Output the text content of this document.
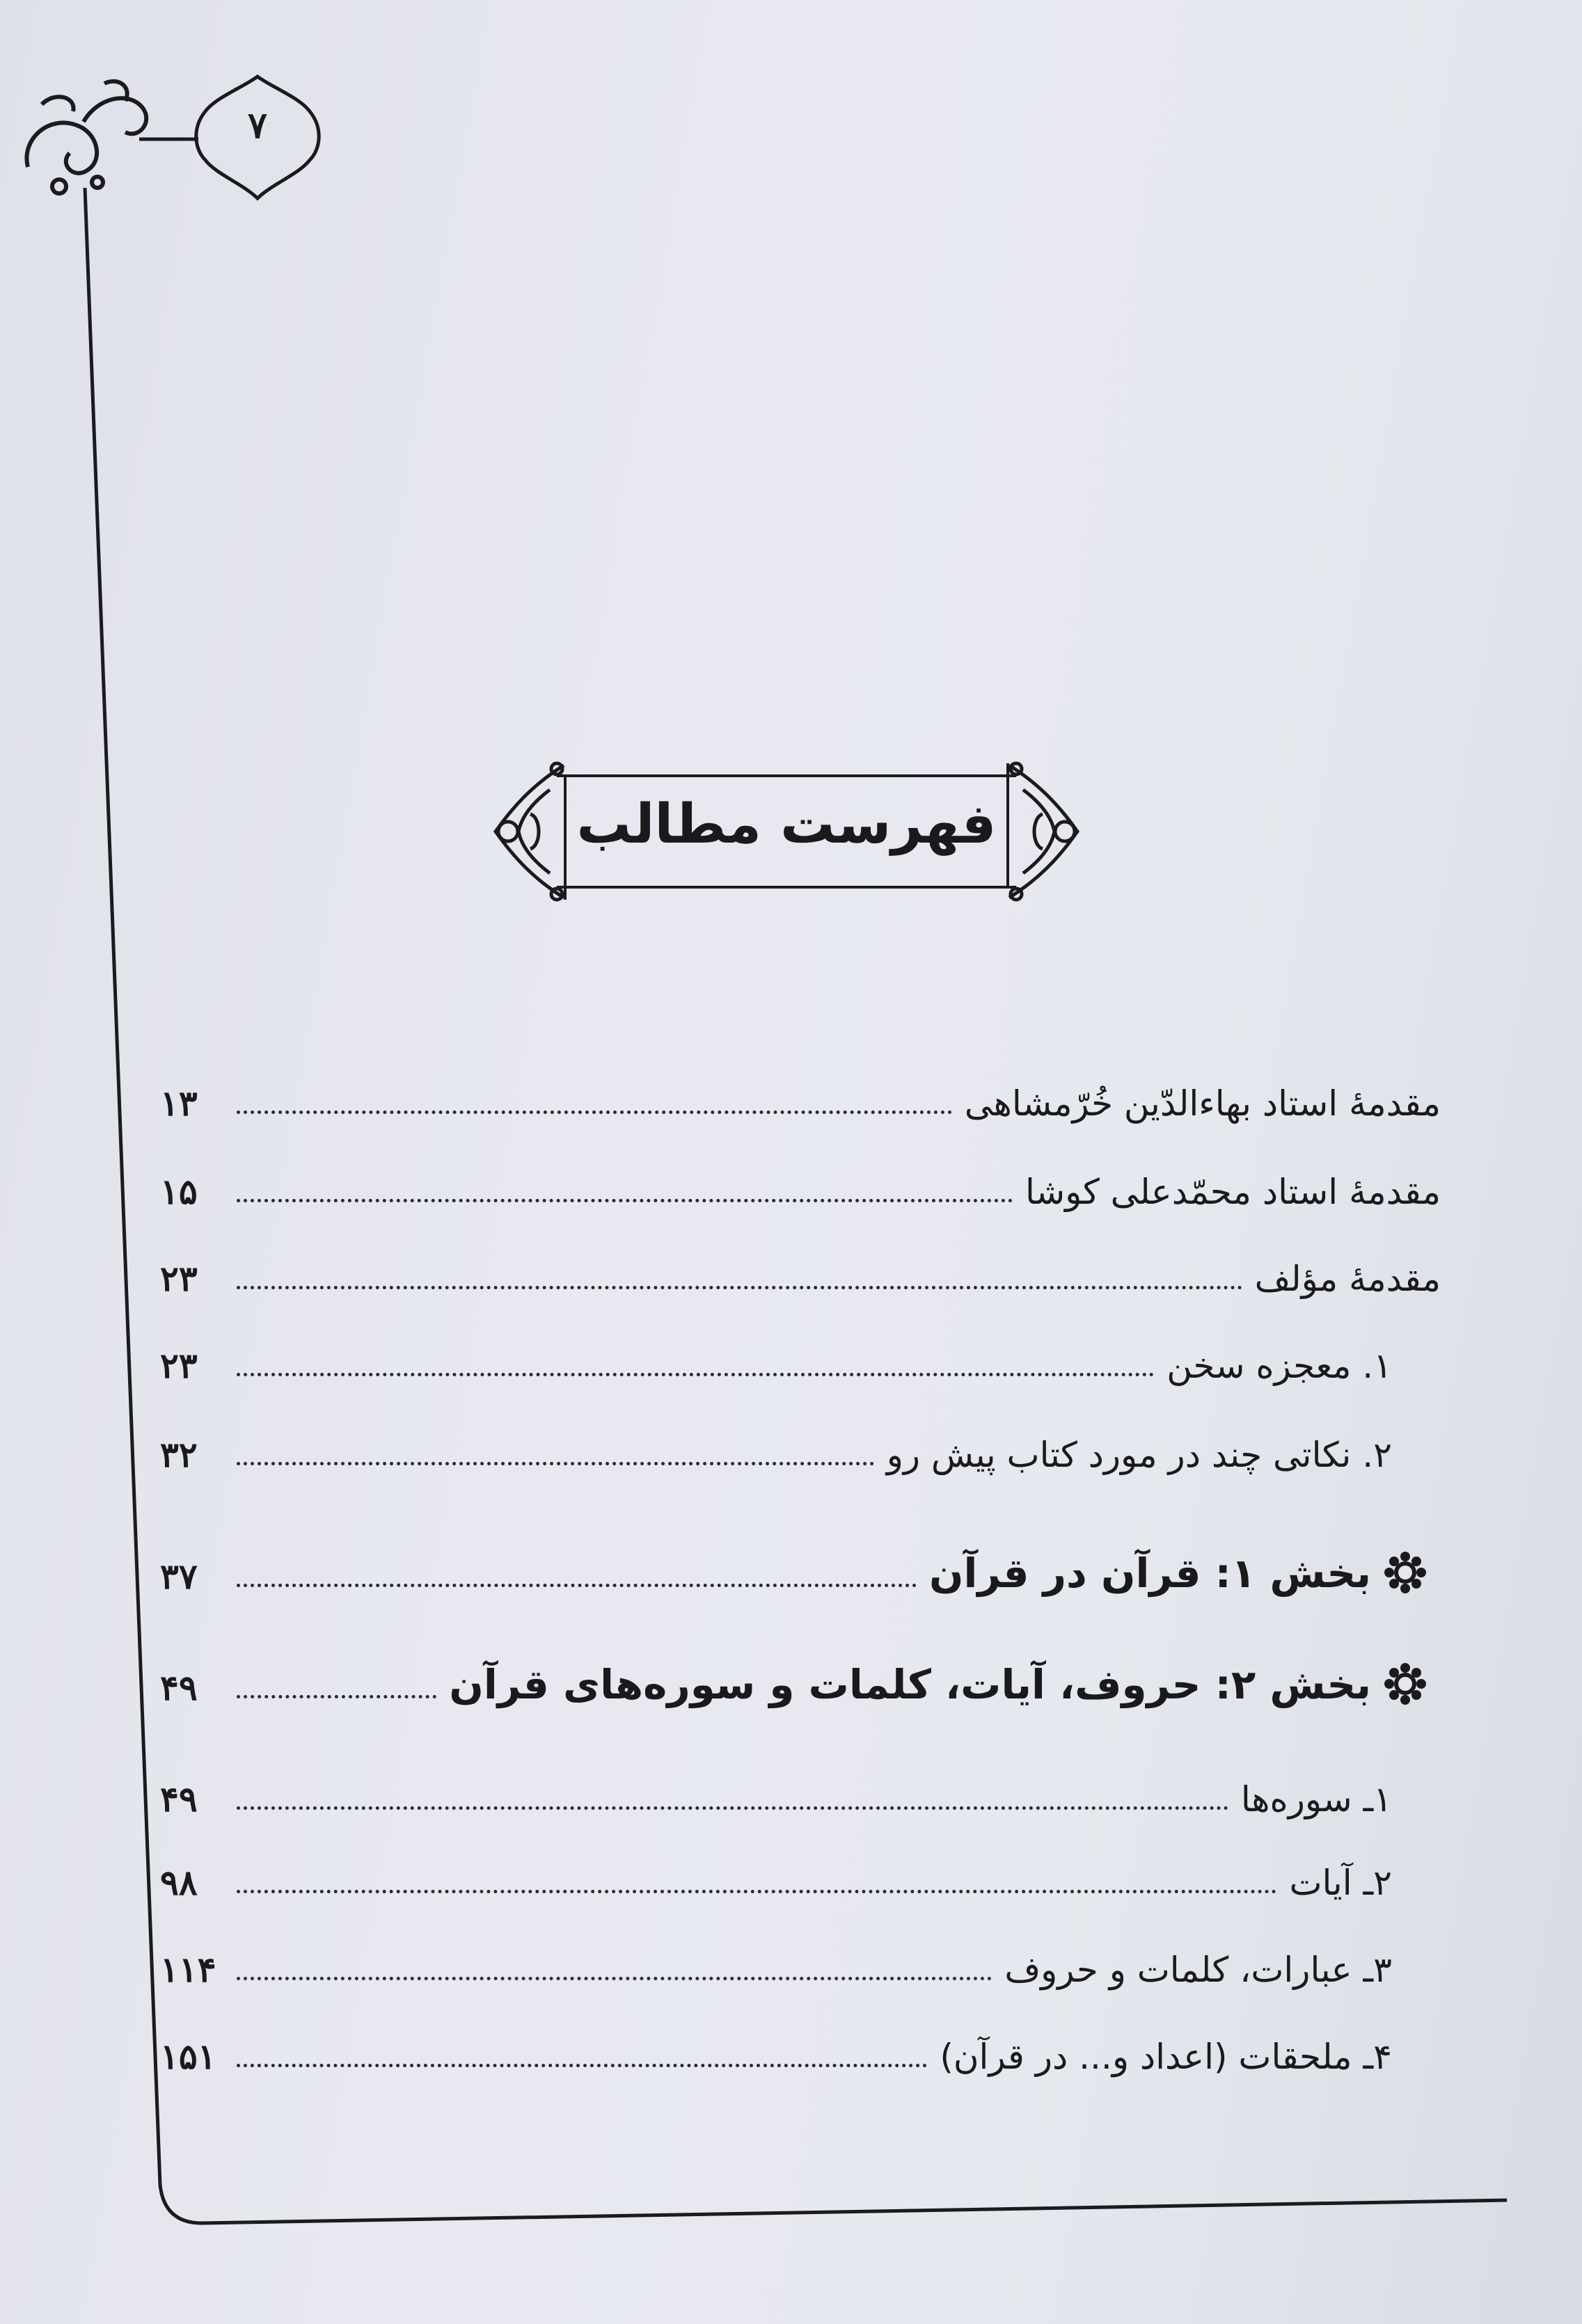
۷
فهرست مطالب
مقدمهٔ استاد بهاءالدّین خُرّمشاهی
۱۳
مقدمهٔ استاد محمّدعلی کوشا
۱۵
مقدمهٔ مؤلف
۲۳
۱. معجزه سخن
۲۳
۲. نکاتی چند در مورد کتاب پیش رو
۳۲
بخش ۱: قرآن در قرآن
۳۷
بخش ۲: حروف، آیات، کلمات و سوره‌های قرآن
۴۹
۱ـ سوره‌ها
۴۹
۲ـ آیات
۹۸
۳ـ عبارات، کلمات و حروف
۱۱۴
۴ـ ملحقات (اعداد و... در قرآن)
۱۵۱
